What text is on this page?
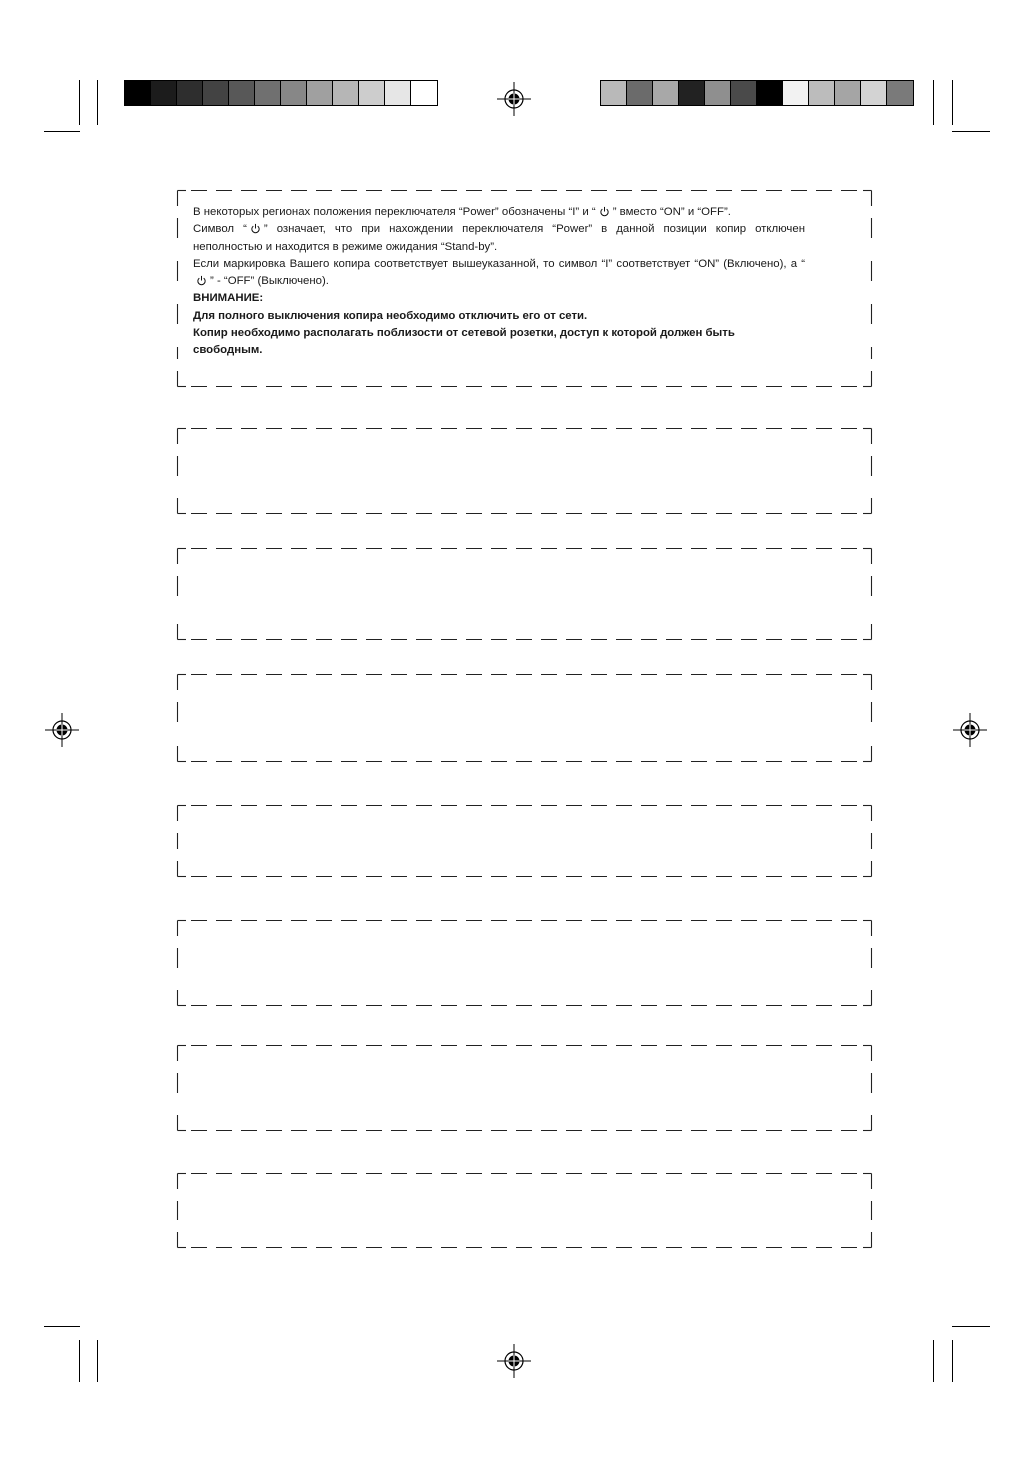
В некоторых регионах положения переключателя “Power” обозначены “I” и “ ” вместо “ON” и “OFF”.

Символ “ ” означает, что при нахождении переключателя “Power” в данной позиции копир отключен неполностью и находится в режиме ожидания “Stand-by”.

Если маркировка Вашего копира соответствует вышеуказанной, то символ “I” соответствует “ON” (Включено), а “” - “OFF” (Выключено).

ВНИМАНИЕ:

Для полного выключения копира необходимо отключить его от сети.

Копир необходимо располагать поблизости от сетевой розетки, доступ к которой должен быть свободным.
